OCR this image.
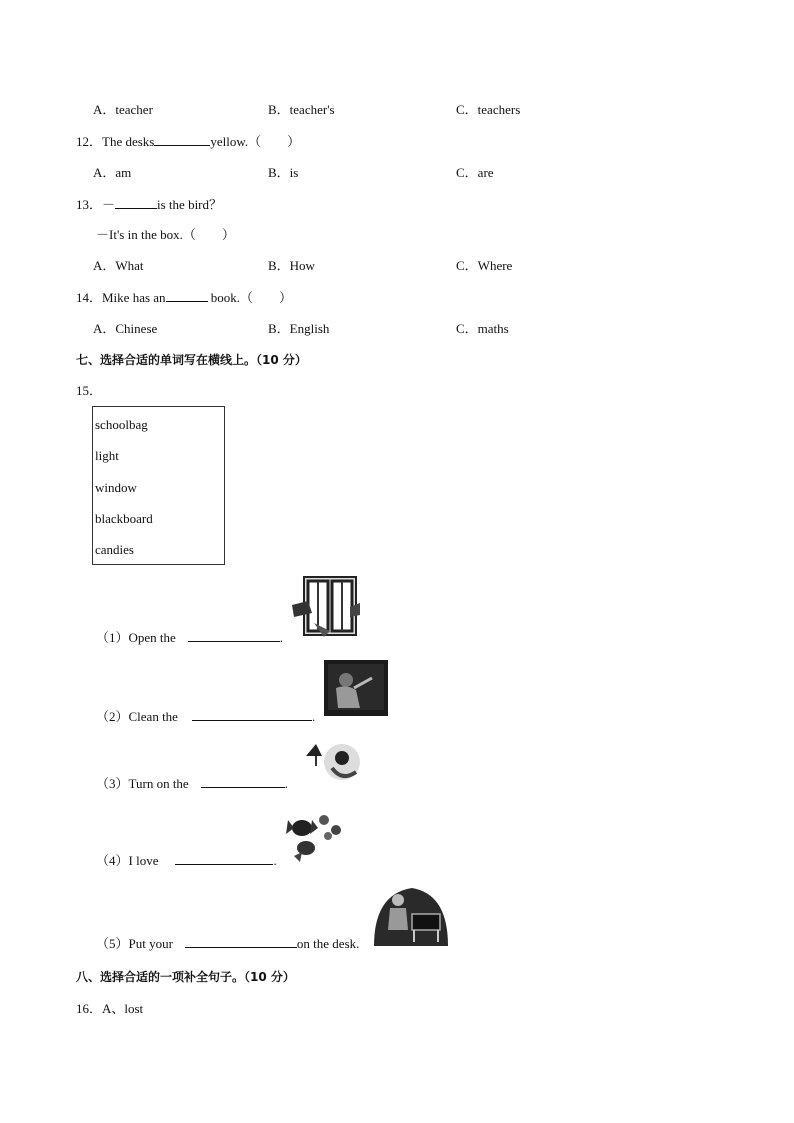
A．teacher	B．teacher's	C．teachers
12．The desks	yellow.（　　）
A．am	B．is	C．are
13．－	is the bird？
－It's in the box.（　　）
A．What	B．How	C．Where
14．Mike has an	book.（　　）
A．Chinese	B．English	C．maths
七、选择合适的单词写在横线上。（10 分）
15．
schoolbag
light
window
blackboard
candies
（1）Open the	.
（2）Clean the	.
（3）Turn on the	.
（4）I love	.
（5）Put your	on the desk.
八、选择合适的一项补全句子。（10 分）
16．A、lost
